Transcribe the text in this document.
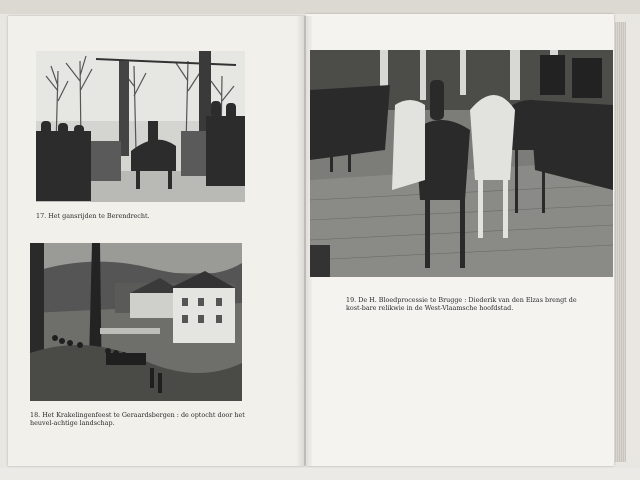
17. Het gansrijden te Berendrecht.
18. Het Krakelingenfeest te Geraardsbergen : de optocht door het heuvel-achtige landschap.
19. De H. Bloedprocessie te Brugge : Diederik van den Elzas brengt de kost-bare relikwie in de West-Vlaamsche hoofdstad.
